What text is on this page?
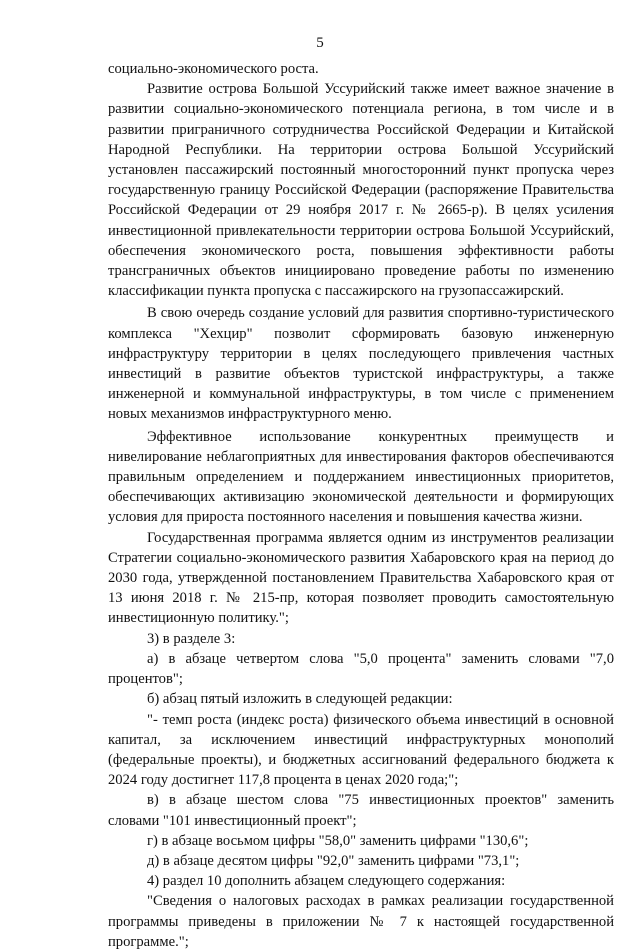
5

социально-экономического роста.

Развитие острова Большой Уссурийский также имеет важное значение в развитии социально-экономического потенциала региона, в том числе и в развитии приграничного сотрудничества Российской Федерации и Китайской Народной Республики. На территории острова Большой Уссурийский установлен пассажирский постоянный многосторонний пункт пропуска через государственную границу Российской Федерации (распоряжение Правительства Российской Федерации от 29 ноября 2017 г. № 2665-р). В целях усиления инвестиционной привлекательности территории острова Большой Уссурийский, обеспечения экономического роста, повышения эффективности работы трансграничных объектов инициировано проведение работы по изменению классификации пункта пропуска с пассажирского на грузопассажирский.

В свою очередь создание условий для развития спортивно-туристического комплекса "Хехцир" позволит сформировать базовую инженерную инфраструктуру территории в целях последующего привлечения частных инвестиций в развитие объектов туристской инфраструктуры, а также инженерной и коммунальной инфраструктуры, в том числе с применением новых механизмов инфраструктурного меню.

Эффективное использование конкурентных преимуществ и нивелирование неблагоприятных для инвестирования факторов обеспечиваются правильным определением и поддержанием инвестиционных приоритетов, обеспечивающих активизацию экономической деятельности и формирующих условия для прироста постоянного населения и повышения качества жизни.

Государственная программа является одним из инструментов реализации Стратегии социально-экономического развития Хабаровского края на период до 2030 года, утвержденной постановлением Правительства Хабаровского края от 13 июня 2018 г. № 215-пр, которая позволяет проводить самостоятельную инвестиционную политику.";

3) в разделе 3:

а) в абзаце четвертом слова "5,0 процента" заменить словами "7,0 процентов";

б) абзац пятый изложить в следующей редакции:

"- темп роста (индекс роста) физического объема инвестиций в основной капитал, за исключением инвестиций инфраструктурных монополий (федеральные проекты), и бюджетных ассигнований федерального бюджета к 2024 году достигнет 117,8 процента в ценах 2020 года;";

в) в абзаце шестом слова "75 инвестиционных проектов" заменить словами "101 инвестиционный проект";

г) в абзаце восьмом цифры "58,0" заменить цифрами "130,6";

д) в абзаце десятом цифры "92,0" заменить цифрами "73,1";

4) раздел 10 дополнить абзацем следующего содержания:

"Сведения о налоговых расходах в рамках реализации государственной программы приведены в приложении № 7 к настоящей государственной программе.";
